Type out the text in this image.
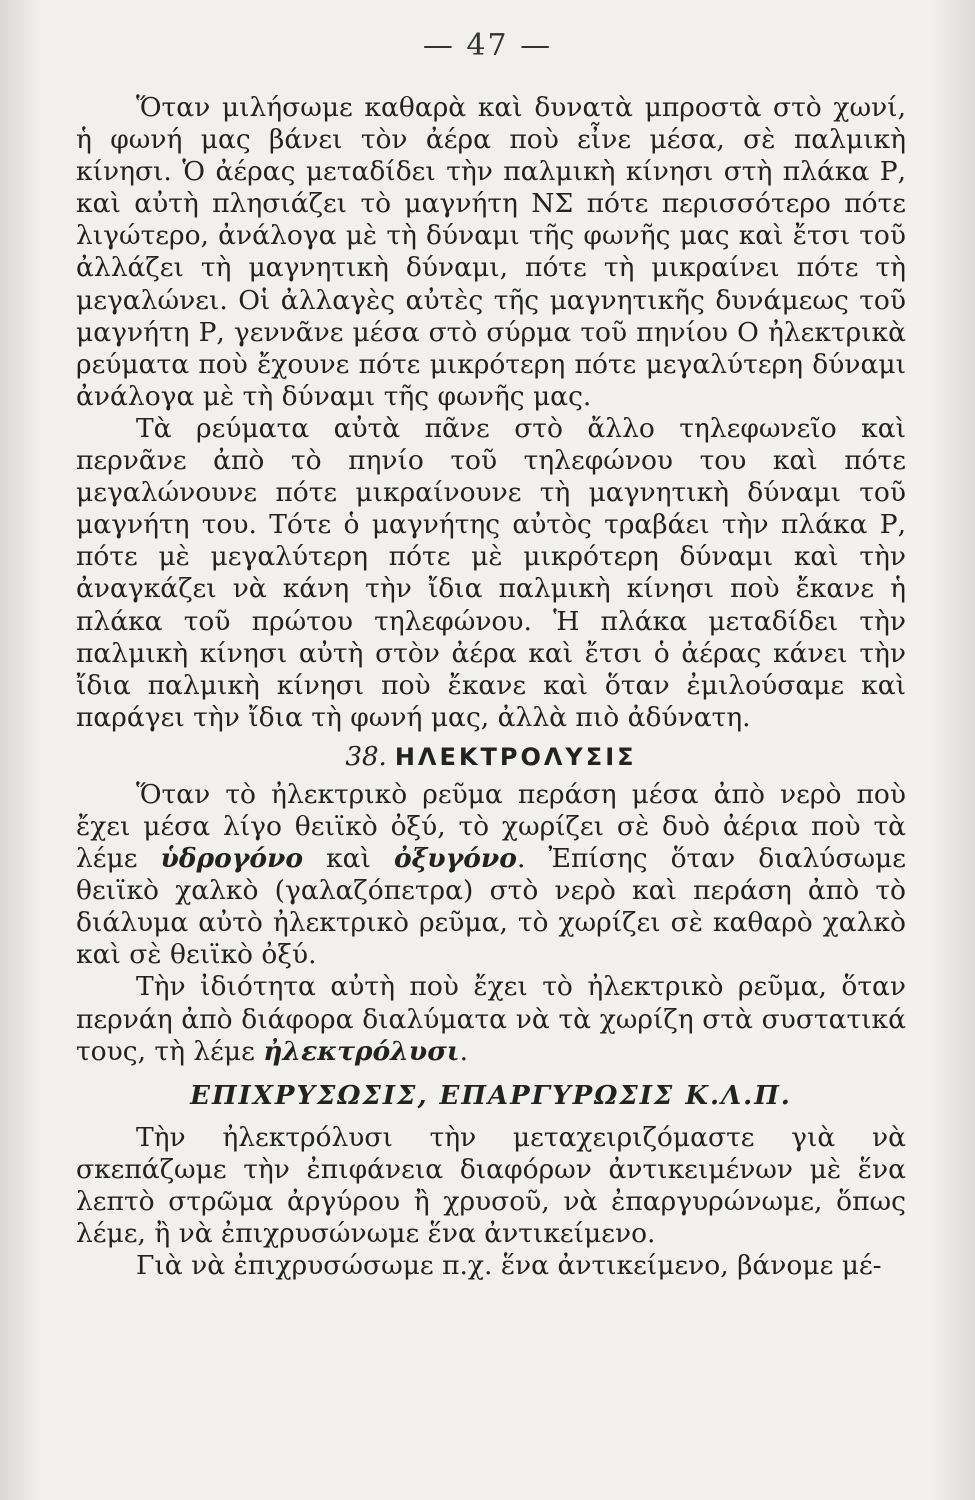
— 47 —

Ὅταν μιλήσωμε καθαρὰ καὶ δυνατὰ μπροστὰ στὸ χωνί, ἡ φωνή μας βάνει τὸν ἀέρα ποὺ εἶνε μέσα, σὲ παλμικὴ κίνησι. Ὁ ἀέρας μεταδίδει τὴν παλμικὴ κίνησι στὴ πλάκα Ρ, καὶ αὐτὴ πλησιάζει τὸ μαγνήτη ΝΣ πότε περισσότερο πότε λιγώτερο, ἀνάλογα μὲ τὴ δύναμι τῆς φωνῆς μας καὶ ἔτσι τοῦ ἀλλάζει τὴ μαγνητικὴ δύναμι, πότε τὴ μικραίνει πότε τὴ μεγαλώνει. Οἱ ἀλλαγὲς αὐτὲς τῆς μαγνητικῆς δυνάμεως τοῦ μαγνήτη Ρ, γεννᾶνε μέσα στὸ σύρμα τοῦ πηνίου Ο ἠλεκτρικὰ ρεύματα ποὺ ἔχουνε πότε μικρότερη πότε μεγαλύτερη δύναμι ἀνάλογα μὲ τὴ δύναμι τῆς φωνῆς μας.

Τὰ ρεύματα αὐτὰ πᾶνε στὸ ἄλλο τηλεφωνεῖο καὶ περνᾶνε ἀπὸ τὸ πηνίο τοῦ τηλεφώνου του καὶ πότε μεγαλώνουνε πότε μικραίνουνε τὴ μαγνητικὴ δύναμι τοῦ μαγνήτη του. Τότε ὁ μαγνήτης αὐτὸς τραβάει τὴν πλάκα Ρ, πότε μὲ μεγαλύτερη πότε μὲ μικρότερη δύναμι καὶ τὴν ἀναγκάζει νὰ κάνη τὴν ἴδια παλμικὴ κίνησι ποὺ ἔκανε ἡ πλάκα τοῦ πρώτου τηλεφώνου. Ἡ πλάκα μεταδίδει τὴν παλμικὴ κίνησι αὐτὴ στὸν ἀέρα καὶ ἔτσι ὁ ἀέρας κάνει τὴν ἴδια παλμικὴ κίνησι ποὺ ἔκανε καὶ ὅταν ἐμιλούσαμε καὶ παράγει τὴν ἴδια τὴ φωνή μας, ἀλλὰ πιὸ ἀδύνατη.

38. ΗΛΕΚΤΡΟΛΥΣΙΣ

Ὅταν τὸ ἠλεκτρικὸ ρεῦμα περάση μέσα ἀπὸ νερὸ ποὺ ἔχει μέσα λίγο θειϊκὸ ὀξύ, τὸ χωρίζει σὲ δυὸ ἀέρια ποὺ τὰ λέμε ὑδρογόνο καὶ ὀξυγόνο. Ἐπίσης ὅταν διαλύσωμε θειϊκὸ χαλκὸ (γαλαζόπετρα) στὸ νερὸ καὶ περάση ἀπὸ τὸ διάλυμα αὐτὸ ἠλεκτρικὸ ρεῦμα, τὸ χωρίζει σὲ καθαρὸ χαλκὸ καὶ σὲ θειϊκὸ ὀξύ.

Τὴν ἰδιότητα αὐτὴ ποὺ ἔχει τὸ ἠλεκτρικὸ ρεῦμα, ὅταν περνάη ἀπὸ διάφορα διαλύματα νὰ τὰ χωρίζη στὰ συστατικά τους, τὴ λέμε ἠλεκτρόλυσι.

ΕΠΙΧΡΥΣΩΣΙΣ, ΕΠΑΡΓΥΡΩΣΙΣ Κ.Λ.Π.

Τὴν ἠλεκτρόλυσι τὴν μεταχειριζόμαστε γιὰ νὰ σκεπάζωμε τὴν ἐπιφάνεια διαφόρων ἀντικειμένων μὲ ἕνα λεπτὸ στρῶμα ἀργύρου ἢ χρυσοῦ, νὰ ἐπαργυρώνωμε, ὅπως λέμε, ἢ νὰ ἐπιχρυσώνωμε ἕνα ἀντικείμενο.

Γιὰ νὰ ἐπιχρυσώσωμε π.χ. ἕνα ἀντικείμενο, βάνομε μέ-
